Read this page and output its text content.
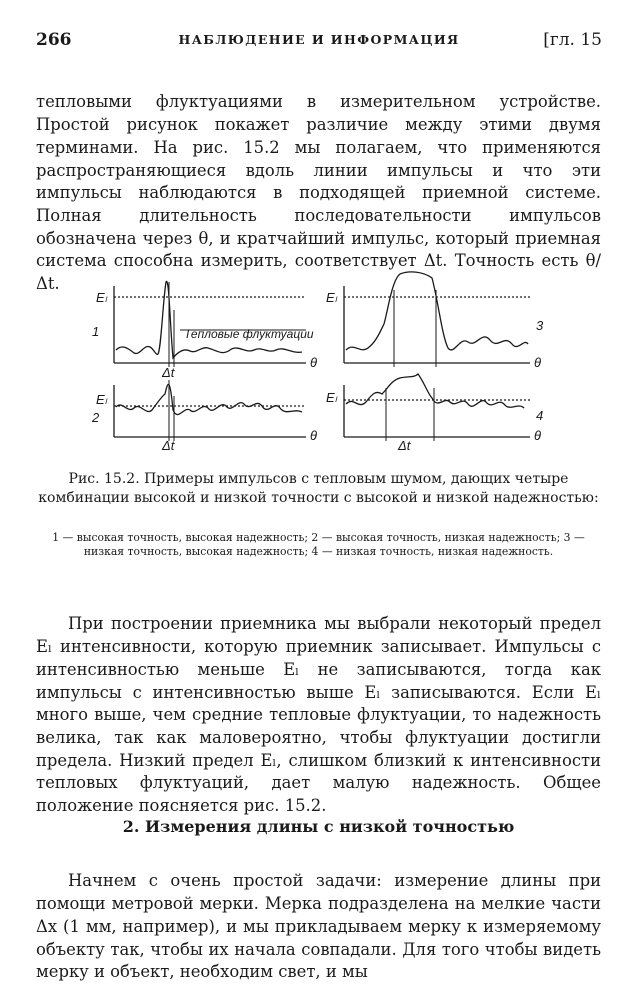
266	НАБЛЮДЕНИЕ И ИНФОРМАЦИЯ	[гл. 15

тепловыми флуктуациями в измерительном устройстве. Простой рисунок покажет различие между этими двумя терминами. На рис. 15.2 мы полагаем, что применяются распространяющиеся вдоль линии импульсы и что эти импульсы наблюдаются в подходящей приемной системе. Полная длительность последовательности импульсов обозначена через θ, и кратчайший импульс, который приемная система способна измерить, соответствует Δt. Точность есть θ/Δt.

Eₗ
Eₗ
Eₗ
Eₗ
θ
θ
θ
θ
Δt
Δt	Δt
Тепловые флуктуации
1
2
3
4
Рис. 15.2. Примеры импульсов с тепловым шумом, дающих четыре комбинации высокой и низкой точности с высокой и низкой надежностью:
1 — высокая точность, высокая надежность; 2 — высокая точность, низкая надежность; 3 — низкая точность, высокая надежность; 4 — низкая точность, низкая надежность.

При построении приемника мы выбрали некоторый предел Eₗ интенсивности, которую приемник записывает. Импульсы с интенсивностью меньше Eₗ не записываются, тогда как импульсы с интенсивностью выше Eₗ записываются. Если Eₗ много выше, чем средние тепловые флуктуации, то надежность велика, так как маловероятно, чтобы флуктуации достигли предела. Низкий предел Eₗ, слишком близкий к интенсивности тепловых флуктуаций, дает малую надежность. Общее положение поясняется рис. 15.2.

2. Измерения длины с низкой точностью

Начнем с очень простой задачи: измерение длины при помощи метровой мерки. Мерка подразделена на мелкие части Δx (1 мм, например), и мы прикладываем мерку к измеряемому объекту так, чтобы их начала совпадали. Для того чтобы видеть мерку и объект, необходим свет, и мы
